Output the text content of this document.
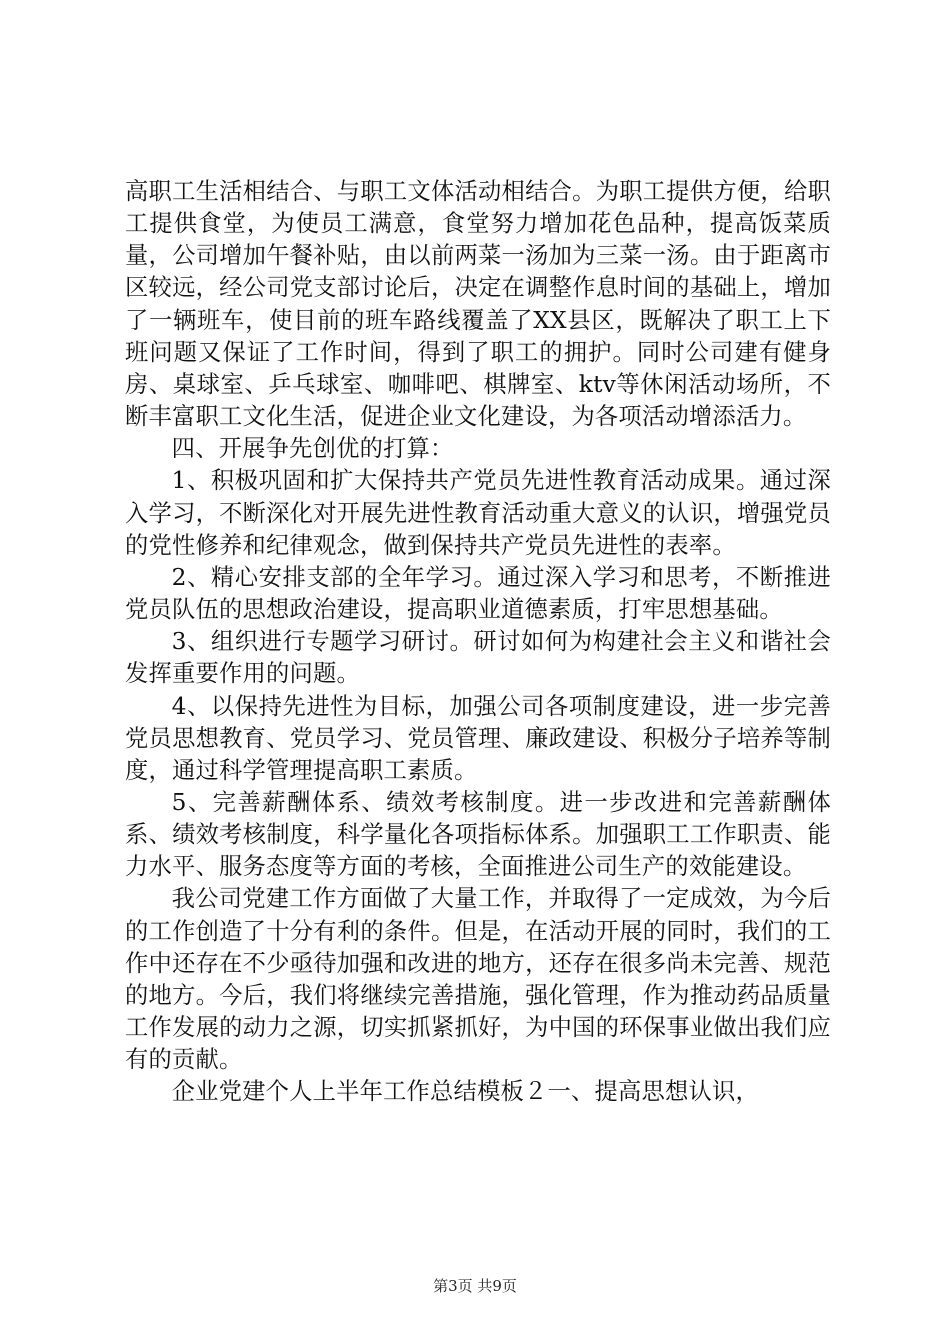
高职工生活相结合、与职工文体活动相结合。为职工提供方便，给职工提供食堂，为使员工满意，食堂努力增加花色品种，提高饭菜质量，公司增加午餐补贴，由以前两菜一汤加为三菜一汤。由于距离市区较远，经公司党支部讨论后，决定在调整作息时间的基础上，增加了一辆班车，使目前的班车路线覆盖了XX县区，既解决了职工上下班问题又保证了工作时间，得到了职工的拥护。同时公司建有健身房、桌球室、乒乓球室、咖啡吧、棋牌室、ktv等休闲活动场所，不断丰富职工文化生活，促进企业文化建设，为各项活动增添活力。

四、开展争先创优的打算：

1、积极巩固和扩大保持共产党员先进性教育活动成果。通过深入学习，不断深化对开展先进性教育活动重大意义的认识，增强党员的党性修养和纪律观念，做到保持共产党员先进性的表率。

2、精心安排支部的全年学习。通过深入学习和思考，不断推进党员队伍的思想政治建设，提高职业道德素质，打牢思想基础。

3、组织进行专题学习研讨。研讨如何为构建社会主义和谐社会发挥重要作用的问题。

4、以保持先进性为目标，加强公司各项制度建设，进一步完善党员思想教育、党员学习、党员管理、廉政建设、积极分子培养等制度，通过科学管理提高职工素质。

5、完善薪酬体系、绩效考核制度。进一步改进和完善薪酬体系、绩效考核制度，科学量化各项指标体系。加强职工工作职责、能力水平、服务态度等方面的考核，全面推进公司生产的效能建设。

我公司党建工作方面做了大量工作，并取得了一定成效，为今后的工作创造了十分有利的条件。但是，在活动开展的同时，我们的工作中还存在不少亟待加强和改进的地方，还存在很多尚未完善、规范的地方。今后，我们将继续完善措施，强化管理，作为推动药品质量工作发展的动力之源，切实抓紧抓好，为中国的环保事业做出我们应有的贡献。

企业党建个人上半年工作总结模板２一、提高思想认识，

第3页 共9页
